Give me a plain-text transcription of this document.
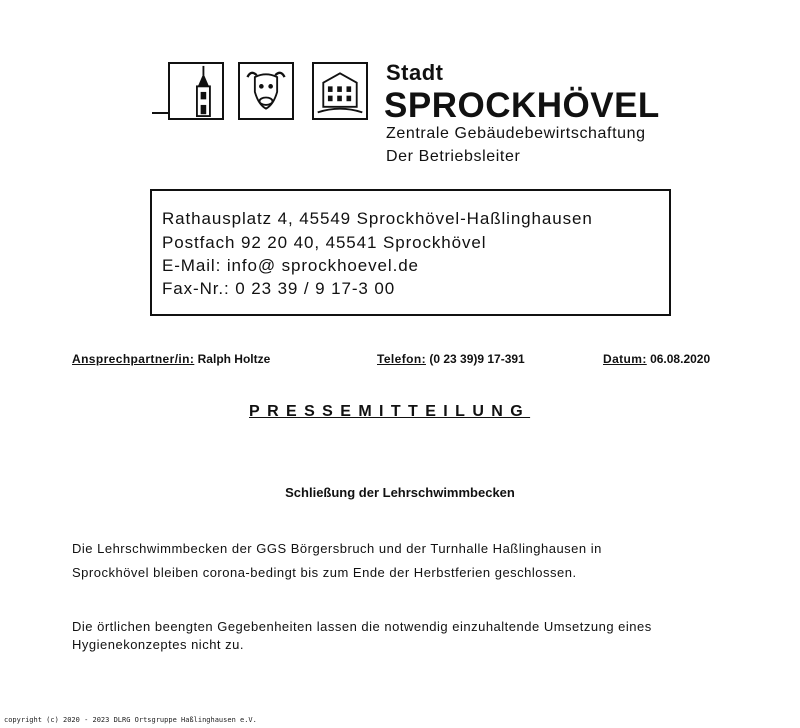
Stadt
SPROCKHÖVEL
Zentrale Gebäudebewirtschaftung
Der Betriebsleiter
Rathausplatz 4, 45549 Sprockhövel-Haßlinghausen
Postfach 92 20 40, 45541 Sprockhövel
E-Mail: info@ sprockhoevel.de
Fax-Nr.: 0 23 39 / 9 17-3 00
Ansprechpartner/in: Ralph Holtze	Telefon: (0 23 39)9 17-391	Datum: 06.08.2020
PRESSEMITTEILUNG
Schließung der Lehrschwimmbecken
Die Lehrschwimmbecken der GGS Börgersbruch und der Turnhalle Haßlinghausen in
Sprockhövel bleiben corona-bedingt bis zum Ende der Herbstferien geschlossen.
Die örtlichen beengten Gegebenheiten lassen die notwendig einzuhaltende Umsetzung eines
Hygienekonzeptes nicht zu.
copyright (c) 2020 - 2023 DLRG Ortsgruppe Haßlinghausen e.V.
